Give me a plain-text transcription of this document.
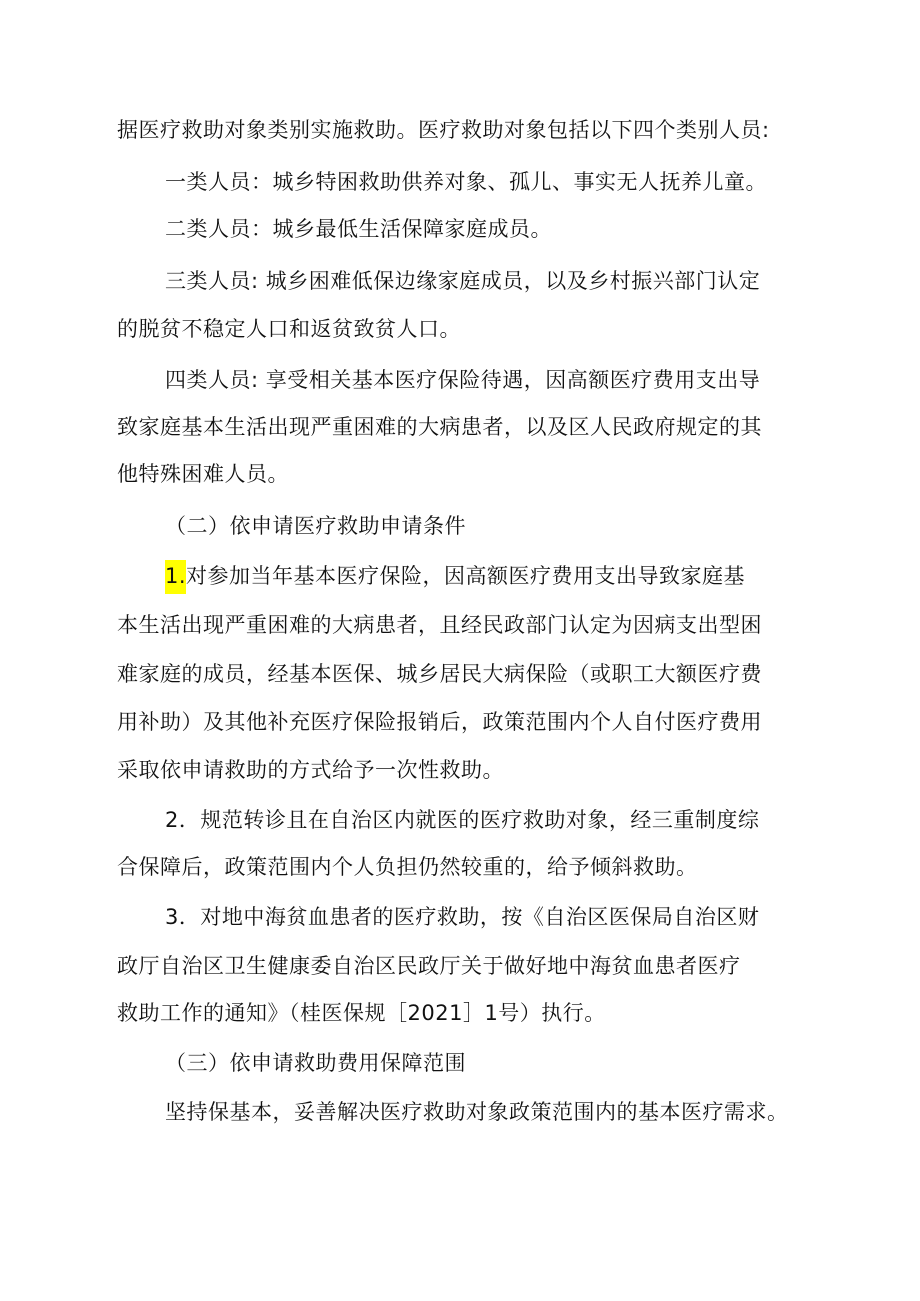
据医疗救助对象类别实施救助。医疗救助对象包括以下四个类别人员:
一类人员：城乡特困救助供养对象、孤儿、事实无人抚养儿童。
二类人员：城乡最低生活保障家庭成员。
三类人员: 城乡困难低保边缘家庭成员，以及乡村振兴部门认定
的脱贫不稳定人口和返贫致贫人口。
四类人员: 享受相关基本医疗保险待遇，因高额医疗费用支出导
致家庭基本生活出现严重困难的大病患者，以及区人民政府规定的其
他特殊困难人员。
（二）依申请医疗救助申请条件
1.对参加当年基本医疗保险，因高额医疗费用支出导致家庭基
本生活出现严重困难的大病患者，且经民政部门认定为因病支出型困
难家庭的成员，经基本医保、城乡居民大病保险（或职工大额医疗费
用补助）及其他补充医疗保险报销后，政策范围内个人自付医疗费用
采取依申请救助的方式给予一次性救助。
2．规范转诊且在自治区内就医的医疗救助对象，经三重制度综
合保障后，政策范围内个人负担仍然较重的，给予倾斜救助。
3．对地中海贫血患者的医疗救助，按《自治区医保局自治区财
政厅自治区卫生健康委自治区民政厅关于做好地中海贫血患者医疗
救助工作的通知》（桂医保规［2021］1号）执行。
（三）依申请救助费用保障范围
坚持保基本，妥善解决医疗救助对象政策范围内的基本医疗需求。
